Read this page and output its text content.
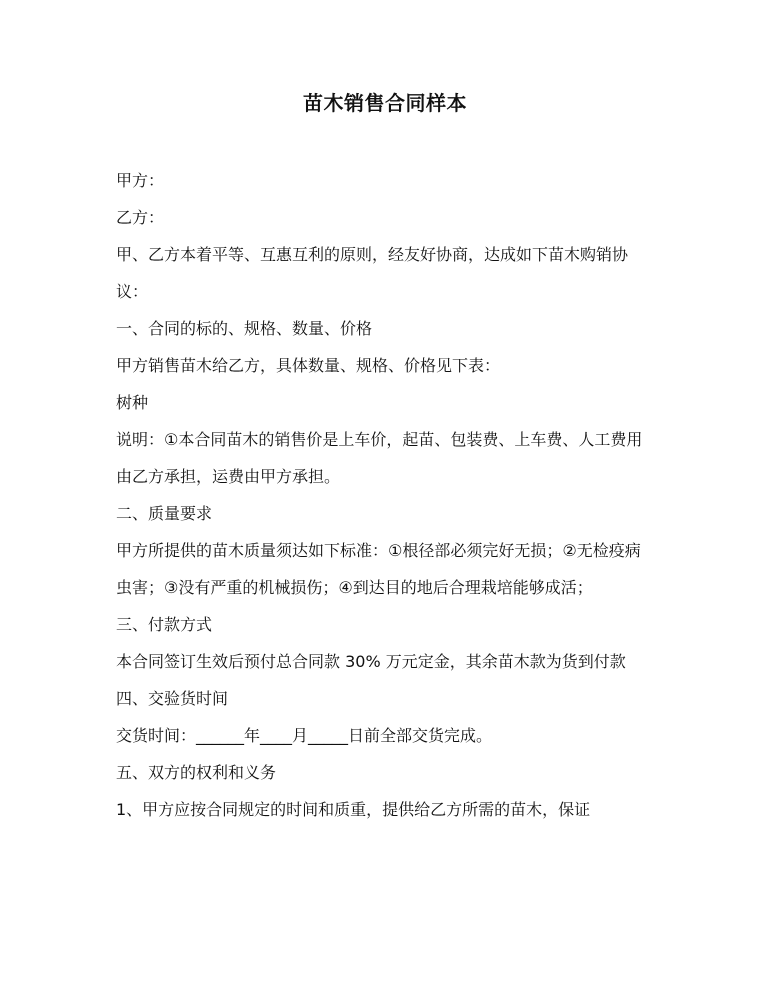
苗木销售合同样本

甲方：

乙方：

甲、乙方本着平等、互惠互利的原则，经友好协商，达成如下苗木购销协议：

一、合同的标的、规格、数量、价格

甲方销售苗木给乙方，具体数量、规格、价格见下表：

树种

说明：①本合同苗木的销售价是上车价，起苗、包装费、上车费、人工费用由乙方承担，运费由甲方承担。

二、质量要求

甲方所提供的苗木质量须达如下标准：①根径部必须完好无损；②无检疫病虫害；③没有严重的机械损伤；④到达目的地后合理栽培能够成活；

三、付款方式

本合同签订生效后预付总合同款 30% 万元定金，其余苗木款为货到付款

四、交验货时间

交货时间：______年____月_____日前全部交货完成。

五、双方的权利和义务

1、甲方应按合同规定的时间和质重，提供给乙方所需的苗木，保证
